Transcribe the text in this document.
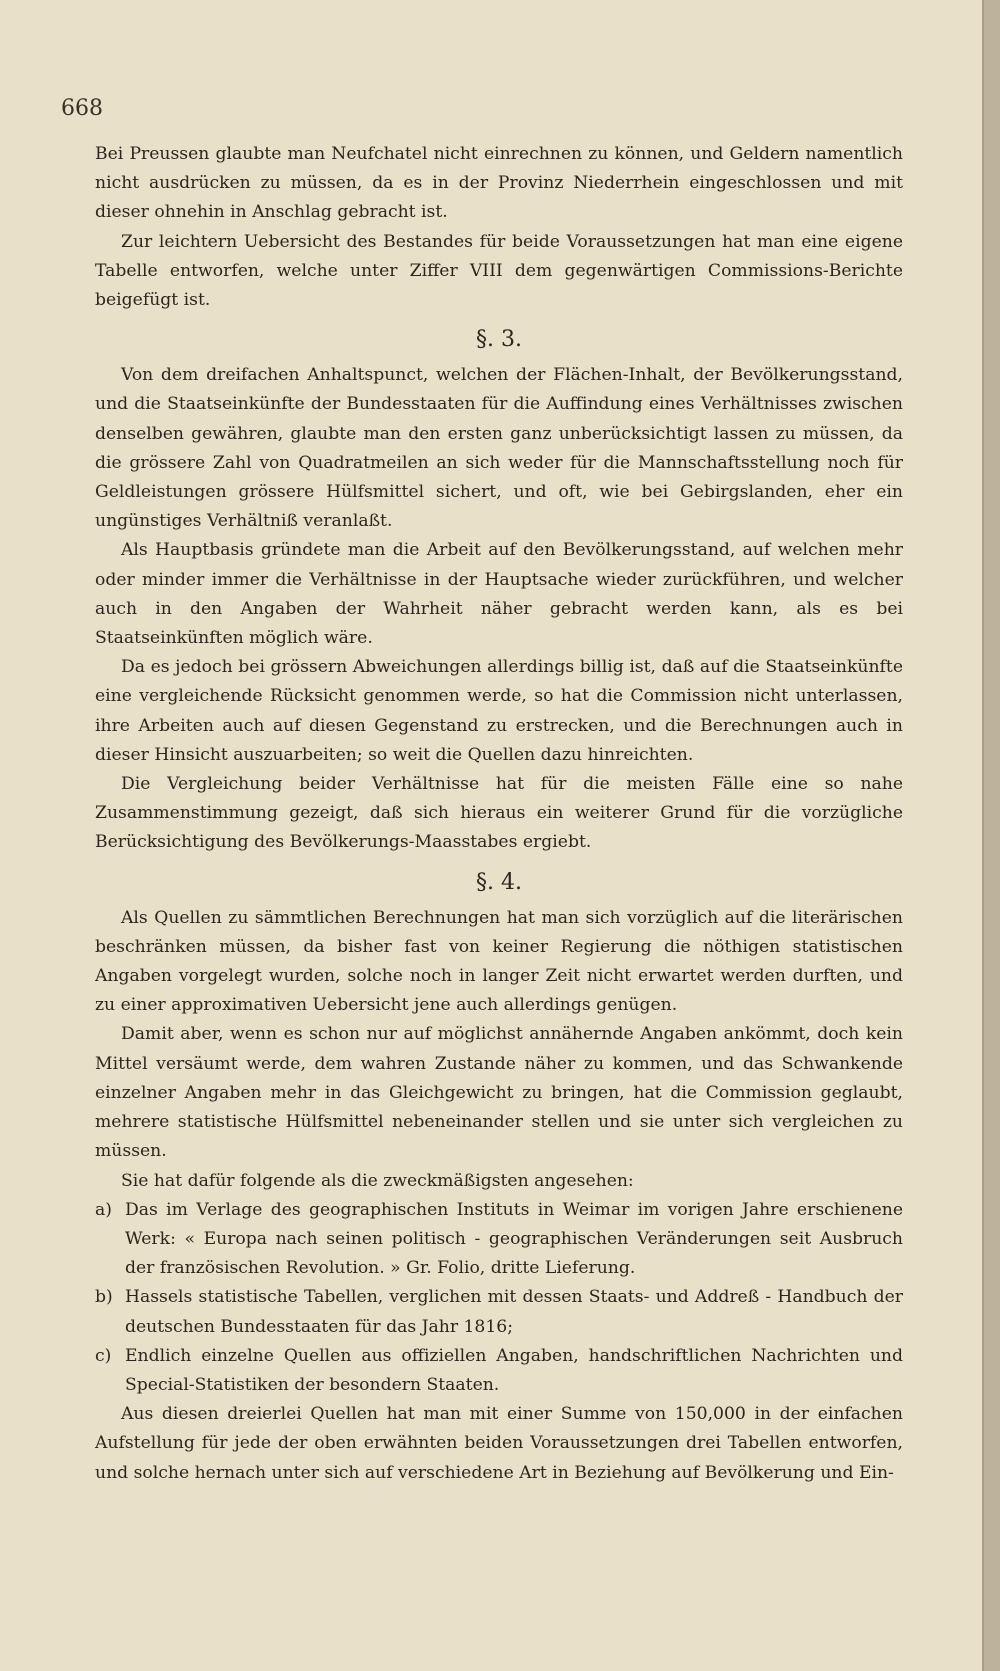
668

Bei Preussen glaubte man Neufchatel nicht einrechnen zu können, und Geldern namentlich nicht ausdrücken zu müssen, da es in der Provinz Niederrhein eingeschlossen und mit dieser ohnehin in Anschlag gebracht ist.

Zur leichtern Uebersicht des Bestandes für beide Voraussetzungen hat man eine eigene Tabelle entworfen, welche unter Ziffer VIII dem gegenwärtigen Commissions-Berichte beigefügt ist.

§. 3.

Von dem dreifachen Anhaltspunct, welchen der Flächen-Inhalt, der Bevölkerungsstand, und die Staatseinkünfte der Bundesstaaten für die Auffindung eines Verhältnisses zwischen denselben gewähren, glaubte man den ersten ganz unberücksichtigt lassen zu müssen, da die grössere Zahl von Quadratmeilen an sich weder für die Mannschaftsstellung noch für Geldleistungen grössere Hülfsmittel sichert, und oft, wie bei Gebirgslanden, eher ein ungünstiges Verhältniß veranlaßt.

Als Hauptbasis gründete man die Arbeit auf den Bevölkerungsstand, auf welchen mehr oder minder immer die Verhältnisse in der Hauptsache wieder zurückführen, und welcher auch in den Angaben der Wahrheit näher gebracht werden kann, als es bei Staatseinkünften möglich wäre.

Da es jedoch bei grössern Abweichungen allerdings billig ist, daß auf die Staatseinkünfte eine vergleichende Rücksicht genommen werde, so hat die Commission nicht unterlassen, ihre Arbeiten auch auf diesen Gegenstand zu erstrecken, und die Berechnungen auch in dieser Hinsicht auszuarbeiten; so weit die Quellen dazu hinreichten.

Die Vergleichung beider Verhältnisse hat für die meisten Fälle eine so nahe Zusammenstimmung gezeigt, daß sich hieraus ein weiterer Grund für die vorzügliche Berücksichtigung des Bevölkerungs-Maasstabes ergiebt.

§. 4.

Als Quellen zu sämmtlichen Berechnungen hat man sich vorzüglich auf die literärischen beschränken müssen, da bisher fast von keiner Regierung die nöthigen statistischen Angaben vorgelegt wurden, solche noch in langer Zeit nicht erwartet werden durften, und zu einer approximativen Uebersicht jene auch allerdings genügen.

Damit aber, wenn es schon nur auf möglichst annähernde Angaben ankömmt, doch kein Mittel versäumt werde, dem wahren Zustande näher zu kommen, und das Schwankende einzelner Angaben mehr in das Gleichgewicht zu bringen, hat die Commission geglaubt, mehrere statistische Hülfsmittel nebeneinander stellen und sie unter sich vergleichen zu müssen.

Sie hat dafür folgende als die zweckmäßigsten angesehen:

a) Das im Verlage des geographischen Instituts in Weimar im vorigen Jahre erschienene Werk: « Europa nach seinen politisch - geographischen Veränderungen seit Ausbruch der französischen Revolution. » Gr. Folio, dritte Lieferung.
b) Hassels statistische Tabellen, verglichen mit dessen Staats- und Addreß - Handbuch der deutschen Bundesstaaten für das Jahr 1816;
c) Endlich einzelne Quellen aus offiziellen Angaben, handschriftlichen Nachrichten und Special-Statistiken der besondern Staaten.

Aus diesen dreierlei Quellen hat man mit einer Summe von 150,000 in der einfachen Aufstellung für jede der oben erwähnten beiden Voraussetzungen drei Tabellen entworfen, und solche hernach unter sich auf verschiedene Art in Beziehung auf Bevölkerung und Ein-
